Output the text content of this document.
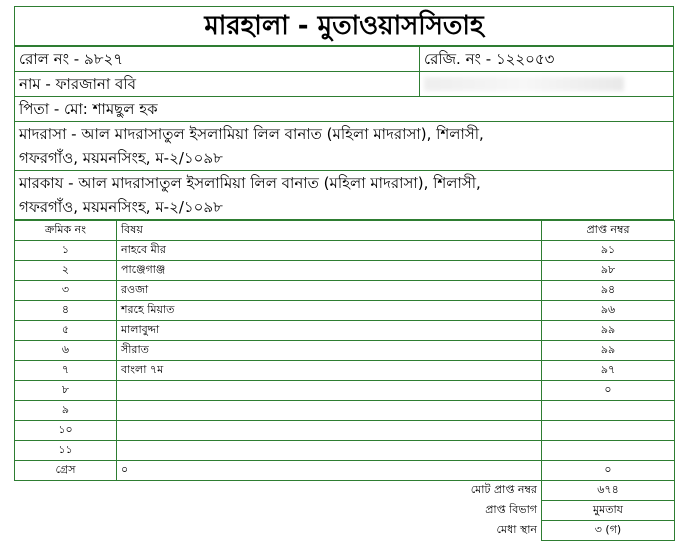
মারহালা - মুতাওয়াসসিতাহ
রোল নং - ৯৮২৭	রেজি. নং - ১২২০৫৩
নাম - ফারজানা ববি
পিতা - মো: শামছুল হক
মাদরাসা - আল মাদরাসাতুল ইসলামিয়া লিল বানাত (মহিলা মাদরাসা), শিলাসী,
গফরগাঁও, ময়মনসিংহ, ম-২/১০৯৮
মারকায - আল মাদরাসাতুল ইসলামিয়া লিল বানাত (মহিলা মাদরাসা), শিলাসী,
গফরগাঁও, ময়মনসিংহ, ম-২/১০৯৮
ক্রমিক নং	বিষয়	প্রাপ্ত নম্বর
১	নাহবে মীর	৯১
২	পাঞ্জেগাঞ্জ	৯৮
৩	রওজা	৯৪
৪	শরহে মিয়াত	৯৬
৫	মালাবুদ্দা	৯৯
৬	সীরাত	৯৯
৭	বাংলা ৭ম	৯৭
৮		০
৯		
১০		
১১		
গ্রেস	০	০
মোট প্রাপ্ত নম্বর		৬৭৪
প্রাপ্ত বিভাগ		মুমতায
মেধা স্থান		৩ (গ)
